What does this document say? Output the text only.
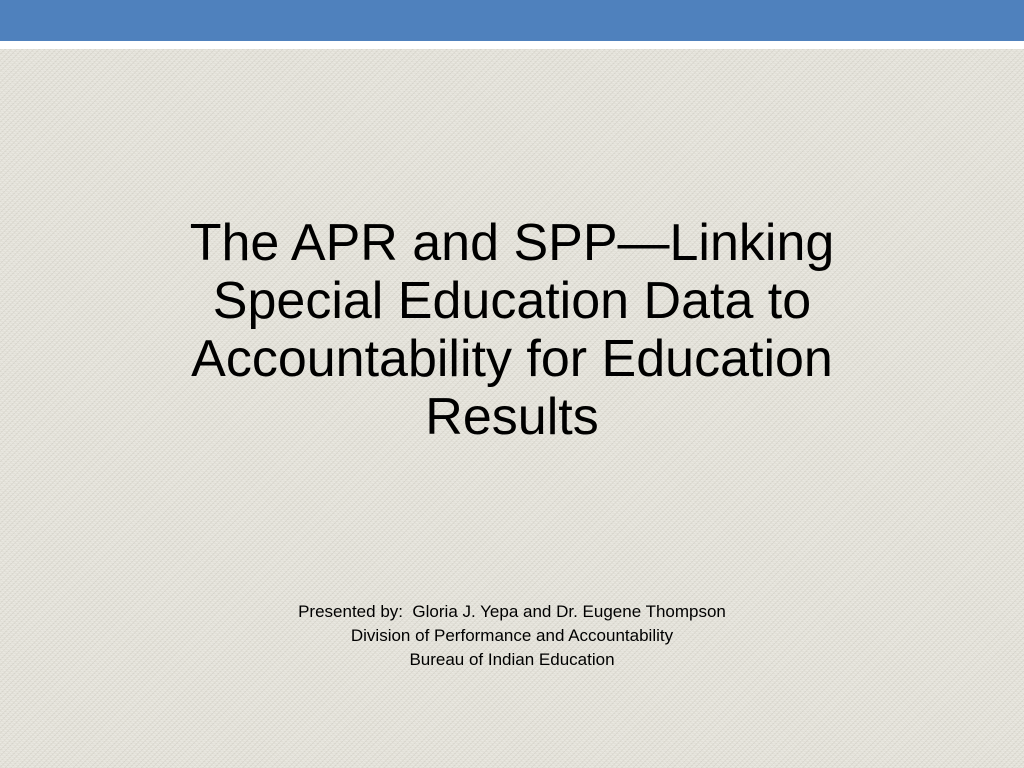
The APR and SPP—Linking Special Education Data to Accountability for Education Results
Presented by:  Gloria J. Yepa and Dr. Eugene Thompson
Division of Performance and Accountability
Bureau of Indian Education
